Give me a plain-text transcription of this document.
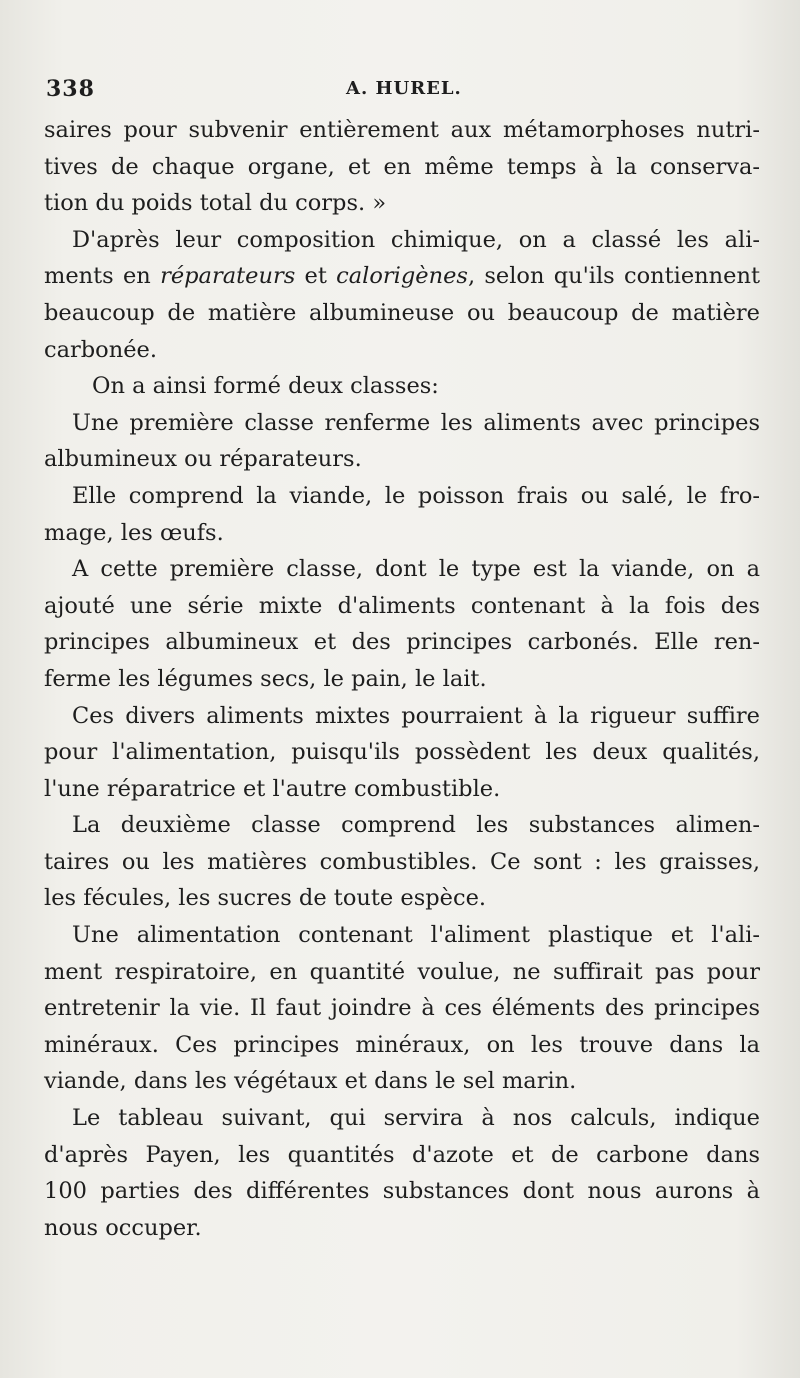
338	A. HUREL.
saires pour subvenir entièrement aux métamorphoses nutri-
tives de chaque organe, et en même temps à la conserva-
tion du poids total du corps. »
D'après leur composition chimique, on a classé les ali-
ments en réparateurs et calorigènes, selon qu'ils contiennent
beaucoup de matière albumineuse ou beaucoup de matière
carbonée.
On a ainsi formé deux classes:
Une première classe renferme les aliments avec principes
albumineux ou réparateurs.
Elle comprend la viande, le poisson frais ou salé, le fro-
mage, les œufs.
A cette première classe, dont le type est la viande, on a
ajouté une série mixte d'aliments contenant à la fois des
principes albumineux et des principes carbonés. Elle ren-
ferme les légumes secs, le pain, le lait.
Ces divers aliments mixtes pourraient à la rigueur suffire
pour l'alimentation, puisqu'ils possèdent les deux qualités,
l'une réparatrice et l'autre combustible.
La deuxième classe comprend les substances alimen-
taires ou les matières combustibles. Ce sont : les graisses,
les fécules, les sucres de toute espèce.
Une alimentation contenant l'aliment plastique et l'ali-
ment respiratoire, en quantité voulue, ne suffirait pas pour
entretenir la vie. Il faut joindre à ces éléments des principes
minéraux. Ces principes minéraux, on les trouve dans la
viande, dans les végétaux et dans le sel marin.
Le tableau suivant, qui servira à nos calculs, indique
d'après Payen, les quantités d'azote et de carbone dans
100 parties des différentes substances dont nous aurons à
nous occuper.
